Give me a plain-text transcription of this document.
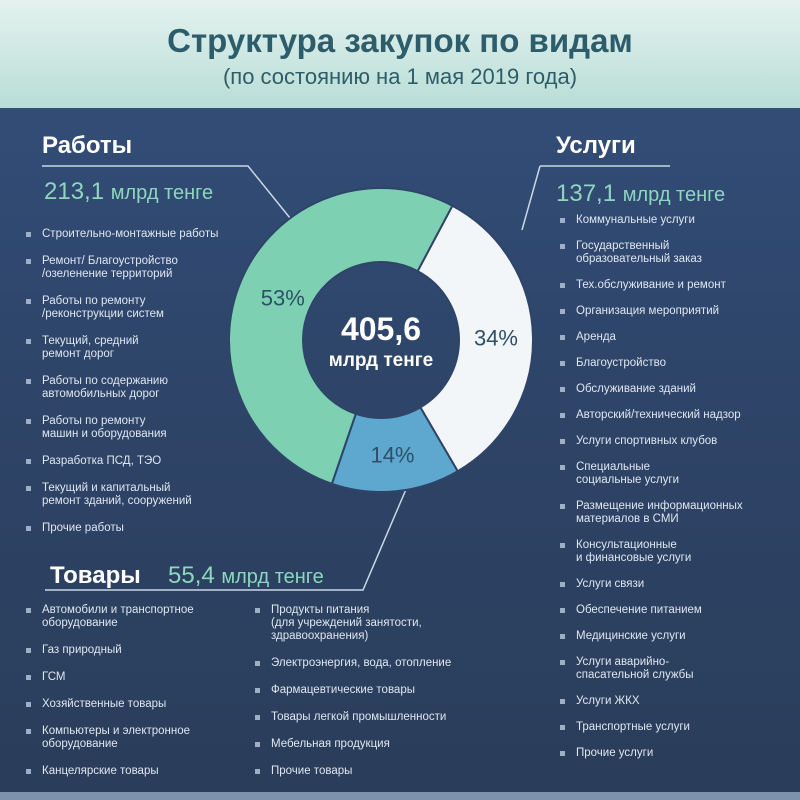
Структура закупок по видам
(по состоянию на 1 мая 2019 года)
53%
34%
14%
405,6
млрд тенге
Работы
213,1 млрд тенге
Строительно-монтажные работы
Ремонт/ Благоустройство
/озеленение территорий
Работы по ремонту
/реконструкции систем
Текущий, средний
ремонт дорог
Работы по содержанию
автомобильных дорог
Работы по ремонту
машин и оборудования
Разработка ПСД, ТЭО
Текущий и капитальный
ремонт зданий, сооружений
Прочие работы
Услуги
137,1 млрд тенге
Коммунальные услуги
Государственный
образовательный заказ
Тех.обслуживание и ремонт
Организация мероприятий
Аренда
Благоустройство
Обслуживание зданий
Авторский/технический надзор
Услуги спортивных клубов
Специальные
социальные услуги
Размещение информационных
материалов в СМИ
Консультационные
и финансовые услуги
Услуги связи
Обеспечение питанием
Медицинские услуги
Услуги аварийно-
спасательной службы
Услуги ЖКХ
Транспортные услуги
Прочие услуги
Товары 55,4 млрд тенге
Автомобили и транспортное
оборудование
Газ природный
ГСМ
Хозяйственные товары
Компьютеры и электронное
оборудование
Канцелярские товары
Продукты питания
(для учреждений занятости,
здравоохранения)
Электроэнергия, вода, отопление
Фармацевтические товары
Товары легкой промышленности
Мебельная продукция
Прочие товары
